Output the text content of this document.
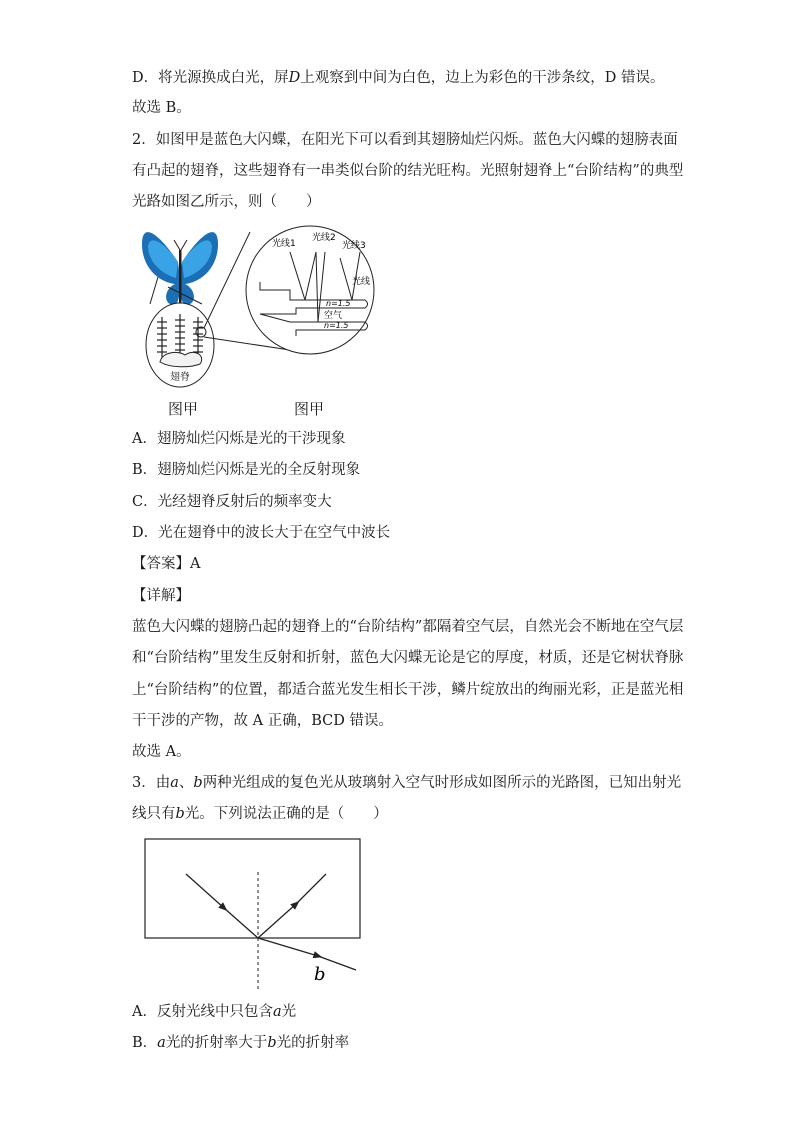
D．将光源换成白光，屏D上观察到中间为白色，边上为彩色的干涉条纹，D 错误。
故选 B。
2．如图甲是蓝色大闪蝶，在阳光下可以看到其翅膀灿烂闪烁。蓝色大闪蝶的翅膀表面
有凸起的翅脊，这些翅脊有一串类似台阶的结光旺构。光照射翅脊上“台阶结构”的典型
光路如图乙所示，则（　　）
翅脊
光线1
光线2
光线3
光线
n=1.5
空气
n=1.5
图甲	图甲
A．翅膀灿烂闪烁是光的干涉现象
B．翅膀灿烂闪烁是光的全反射现象
C．光经翅脊反射后的频率变大
D．光在翅脊中的波长大于在空气中波长
【答案】A
【详解】
蓝色大闪蝶的翅膀凸起的翅脊上的“台阶结构”都隔着空气层，自然光会不断地在空气层
和“台阶结构”里发生反射和折射，蓝色大闪蝶无论是它的厚度，材质，还是它树状脊脉
上“台阶结构”的位置，都适合蓝光发生相长干涉，鳞片绽放出的绚丽光彩，正是蓝光相
干干涉的产物，故 A 正确，BCD 错误。
故选 A。
3．由a、b两种光组成的复色光从玻璃射入空气时形成如图所示的光路图，已知出射光
线只有b光。下列说法正确的是（　　）
b
A．反射光线中只包含a光
B．a光的折射率大于b光的折射率
